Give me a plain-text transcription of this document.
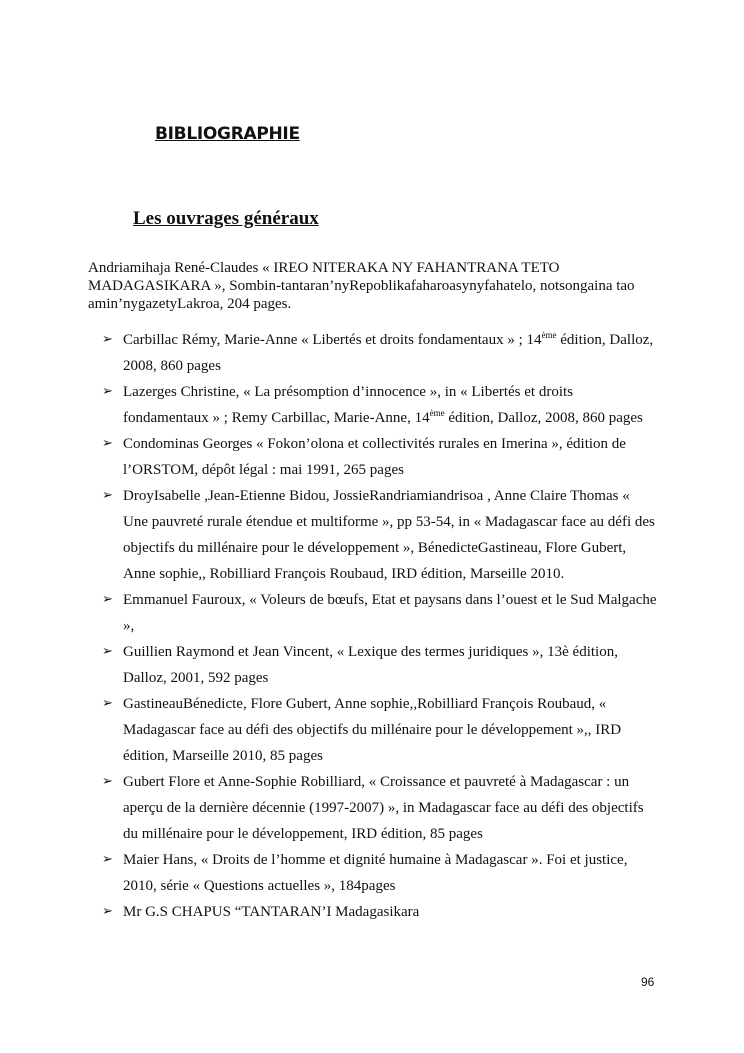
BIBLIOGRAPHIE
Les ouvrages généraux
Andriamihaja René-Claudes « IREO NITERAKA NY FAHANTRANA TETO MADAGASIKARA », Sombin-tantaran’nyRepoblikafaharoasynyfahatelo, notsongaina tao amin’nygazetyLakroa, 204 pages.
➢ Carbillac Rémy, Marie-Anne « Libertés et droits fondamentaux » ; 14ème édition, Dalloz, 2008, 860 pages
➢ Lazerges Christine, « La présomption d’innocence », in « Libertés et droits fondamentaux » ; Remy Carbillac, Marie-Anne, 14ème édition, Dalloz, 2008, 860 pages
➢ Condominas Georges « Fokon’olona et collectivités rurales en Imerina », édition de l’ORSTOM, dépôt légal : mai 1991, 265 pages
➢ DroyIsabelle ,Jean-Etienne Bidou, JossieRandriamiandrisoa , Anne Claire Thomas « Une pauvreté rurale étendue et multiforme », pp 53-54, in « Madagascar face au défi des objectifs du millénaire pour le développement », BénedicteGastineau, Flore Gubert, Anne sophie,, Robilliard François Roubaud, IRD édition, Marseille 2010.
➢ Emmanuel Fauroux, « Voleurs de bœufs, Etat et paysans dans l’ouest et le Sud Malgache »,
➢ Guillien Raymond et Jean Vincent, « Lexique des termes juridiques », 13è édition, Dalloz, 2001, 592 pages
➢ GastineauBénedicte, Flore Gubert, Anne sophie,,Robilliard François Roubaud, « Madagascar face au défi des objectifs du millénaire pour le développement »,, IRD édition, Marseille 2010, 85 pages
➢ Gubert Flore et Anne-Sophie Robilliard, « Croissance et pauvreté à Madagascar : un aperçu de la dernière décennie (1997-2007) », in Madagascar face au défi des objectifs du millénaire pour le développement, IRD édition, 85 pages
➢ Maier Hans, « Droits de l’homme et dignité humaine à Madagascar ». Foi et justice, 2010, série « Questions actuelles », 184pages
➢ Mr G.S CHAPUS “TANTARAN’I Madagasikara
96
